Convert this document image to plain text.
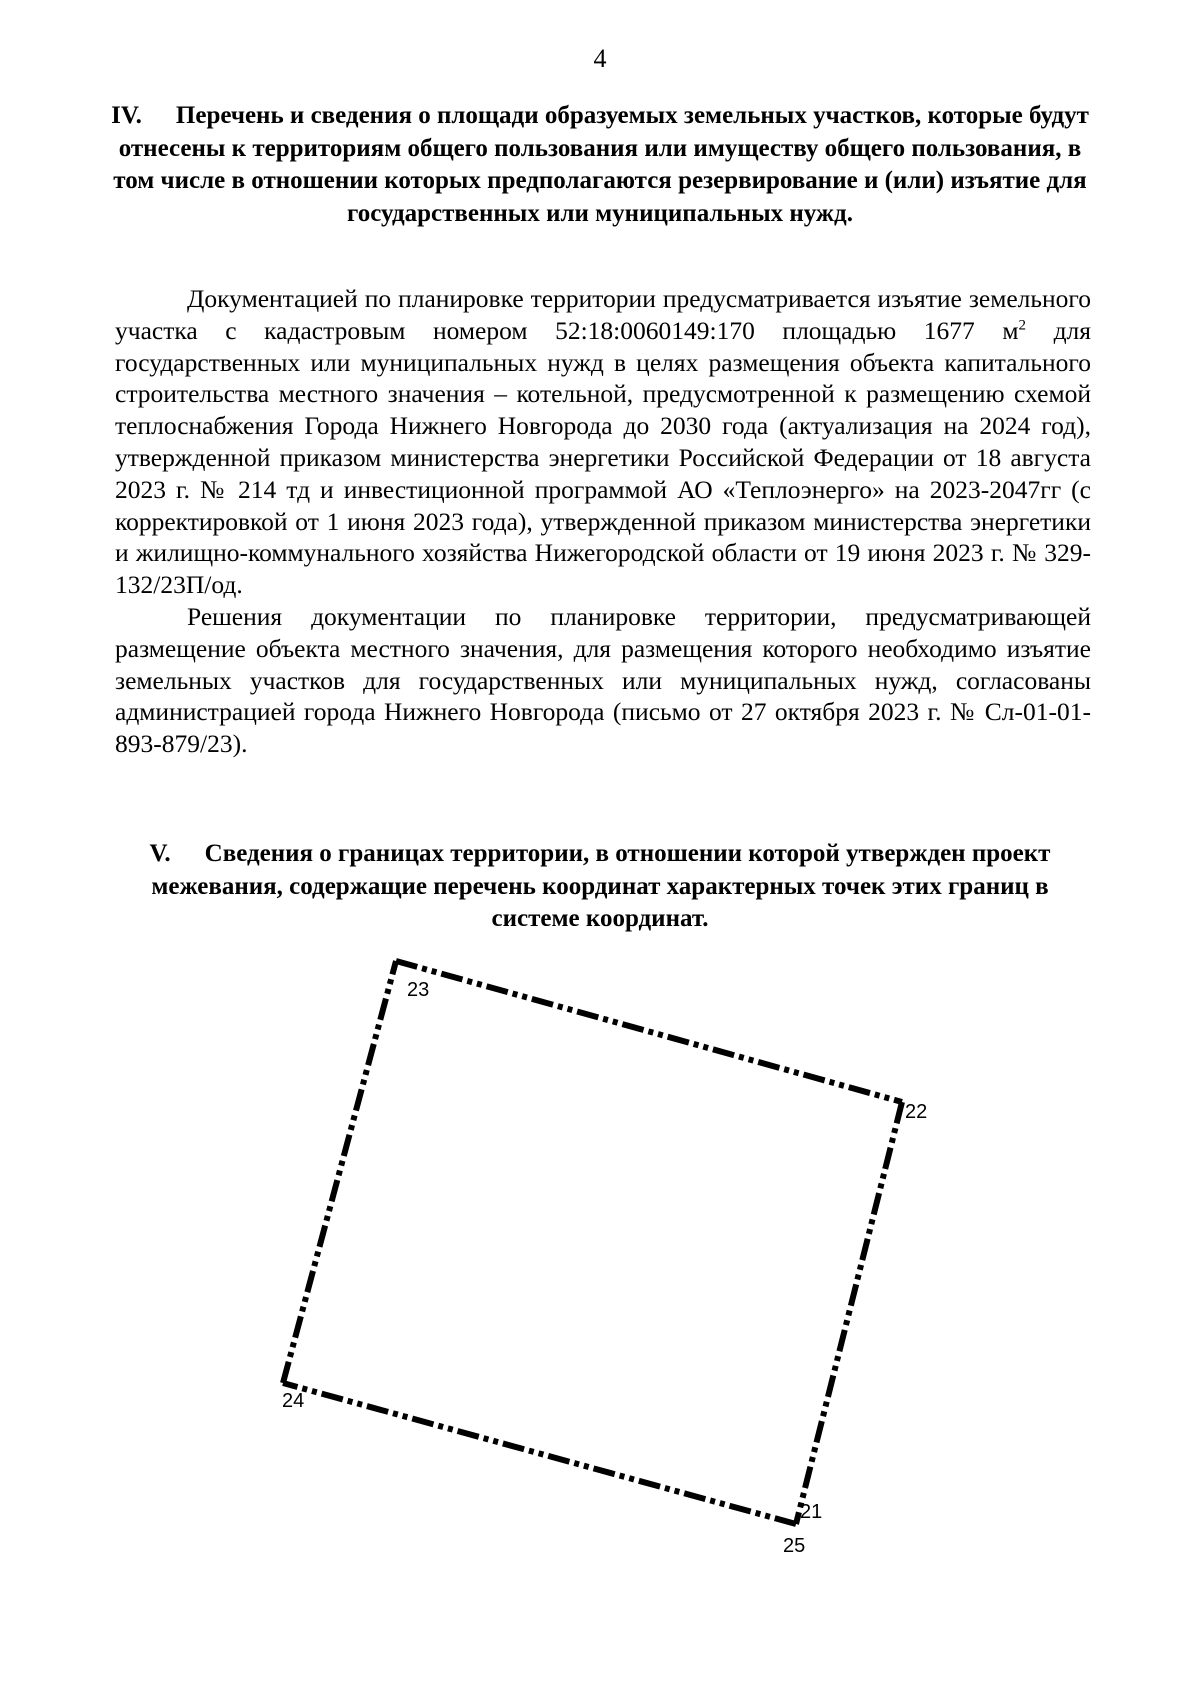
4
IV. Перечень и сведения о площади образуемых земельных участков, которые будут отнесены к территориям общего пользования или имуществу общего пользования, в том числе в отношении которых предполагаются резервирование и (или) изъятие для государственных или муниципальных нужд.

Документацией по планировке территории предусматривается изъятие земельного участка с кадастровым номером 52:18:0060149:170 площадью 1677 $м^2$ для государственных или муниципальных нужд в целях размещения объекта капитального строительства местного значения – котельной, предусмотренной к размещению схемой теплоснабжения Города Нижнего Новгорода до 2030 года (актуализация на 2024 год), утвержденной приказом министерства энергетики Российской Федерации от 18 августа 2023 г. № 214 тд и инвестиционной программой АО «Теплоэнерго» на 2023-2047гг (с корректировкой от 1 июня 2023 года), утвержденной приказом министерства энергетики и жилищно-коммунального хозяйства Нижегородской области от 19 июня 2023 г. № 329-132/23П/од.

Решения документации по планировке территории, предусматривающей размещение объекта местного значения, для размещения которого необходимо изъятие земельных участков для государственных или муниципальных нужд, согласованы администрацией города Нижнего Новгорода (письмо от 27 октября 2023 г. № Сл-01-01-893-879/23).

V. Сведения о границах территории, в отношении которой утвержден проект межевания, содержащие перечень координат характерных точек этих границ в системе координат.
23
22
21
25
24
